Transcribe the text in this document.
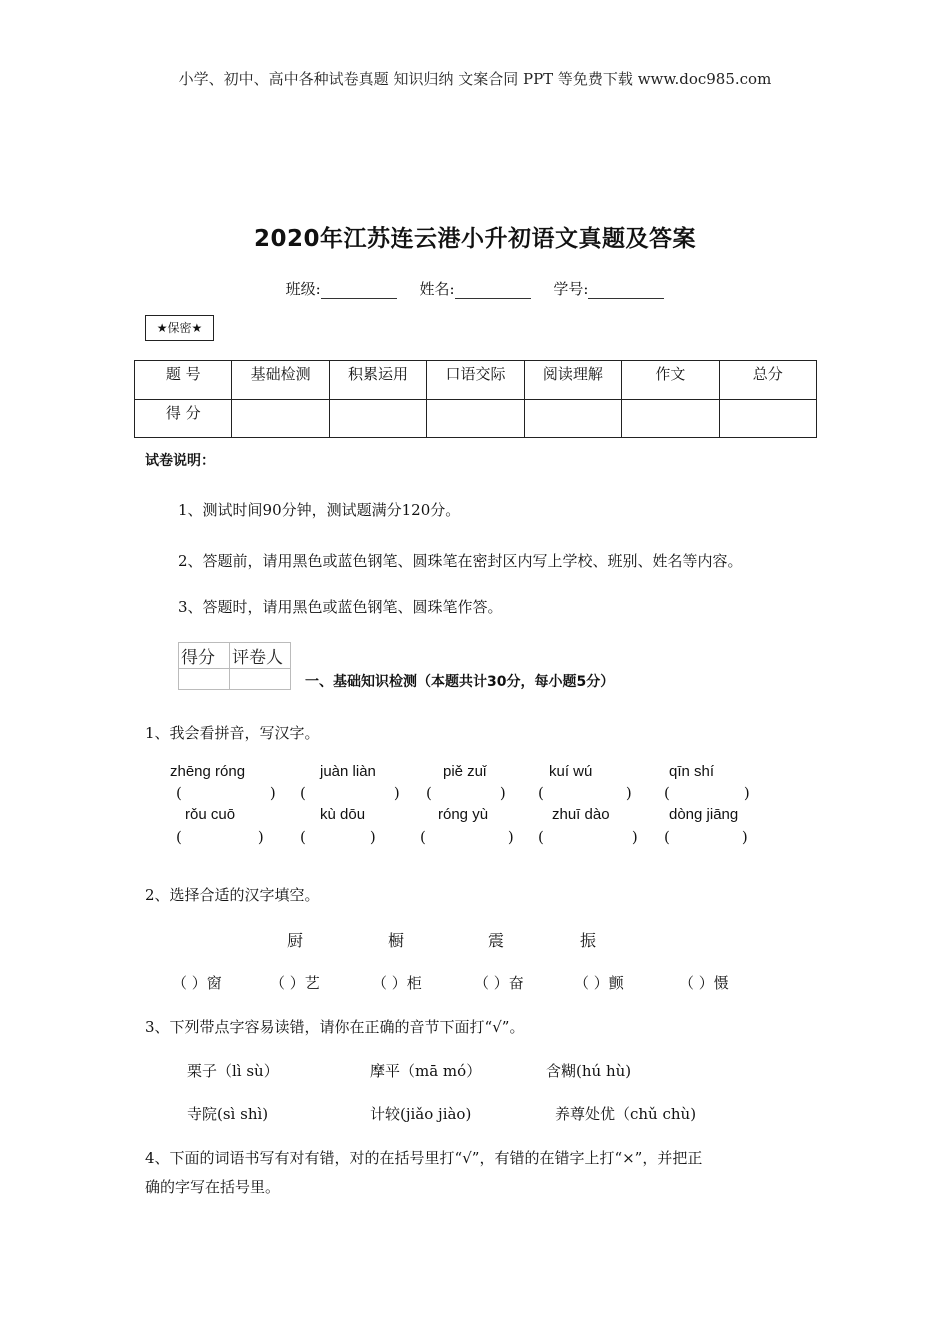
小学、初中、高中各种试卷真题 知识归纳 文案合同 PPT 等免费下载 www.doc985.com
2020年江苏连云港小升初语文真题及答案
班级:	姓名:	学号:
★保密★
题 号	基础检测	积累运用	口语交际	阅读理解	作文	总分
得 分						
试卷说明：
1、测试时间90分钟，测试题满分120分。
2、答题前，请用黑色或蓝色钢笔、圆珠笔在密封区内写上学校、班别、姓名等内容。
3、答题时，请用黑色或蓝色钢笔、圆珠笔作答。
得分	评卷人

一、基础知识检测（本题共计30分，每小题5分）
1、我会看拼音，写汉字。
zhēng róng	juàn liàn	piě zuǐ	kuí wú	qīn shí
(	) (	) (	) (	) (	)
rǒu cuō	kù dōu	róng yù	zhuī dào	dòng jiāng
(	) (	)	(	) (	) (	)
2、选择合适的汉字填空。
厨	橱	震	振
（ ）窗	（ ）艺	（ ）柜	（ ）奋	（ ）颤	（ ）慑
3、下列带点字容易读错，请你在正确的音节下面打“√”。
栗子（lì sù）	摩平（mā mó）	含糊(hú hù)
寺院(sì shì)	计较(jiǎo jiào)	养尊处优（chǔ chù)
4、下面的词语书写有对有错，对的在括号里打“√”，有错的在错字上打“×”，并把正
确的字写在括号里。
